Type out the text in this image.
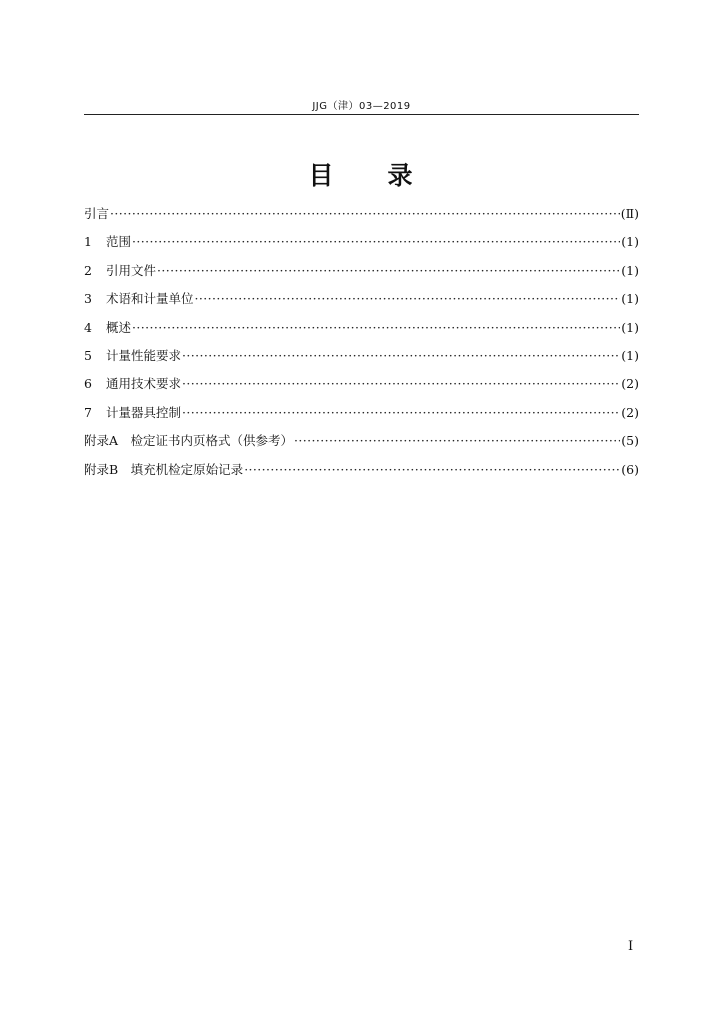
JJG（津）03—2019
目 录
引言 ·····	(Ⅱ)
1	范围 ·····	(1)
2	引用文件 ·····	(1)
3	术语和计量单位 ·····	(1)
4	概述 ·····	(1)
5	计量性能要求 ·····	(1)
6	通用技术要求 ·····	(2)
7	计量器具控制 ·····	(2)
附录A　检定证书内页格式（供参考） ·····	(5)
附录B　填充机检定原始记录 ·····	(6)
I
